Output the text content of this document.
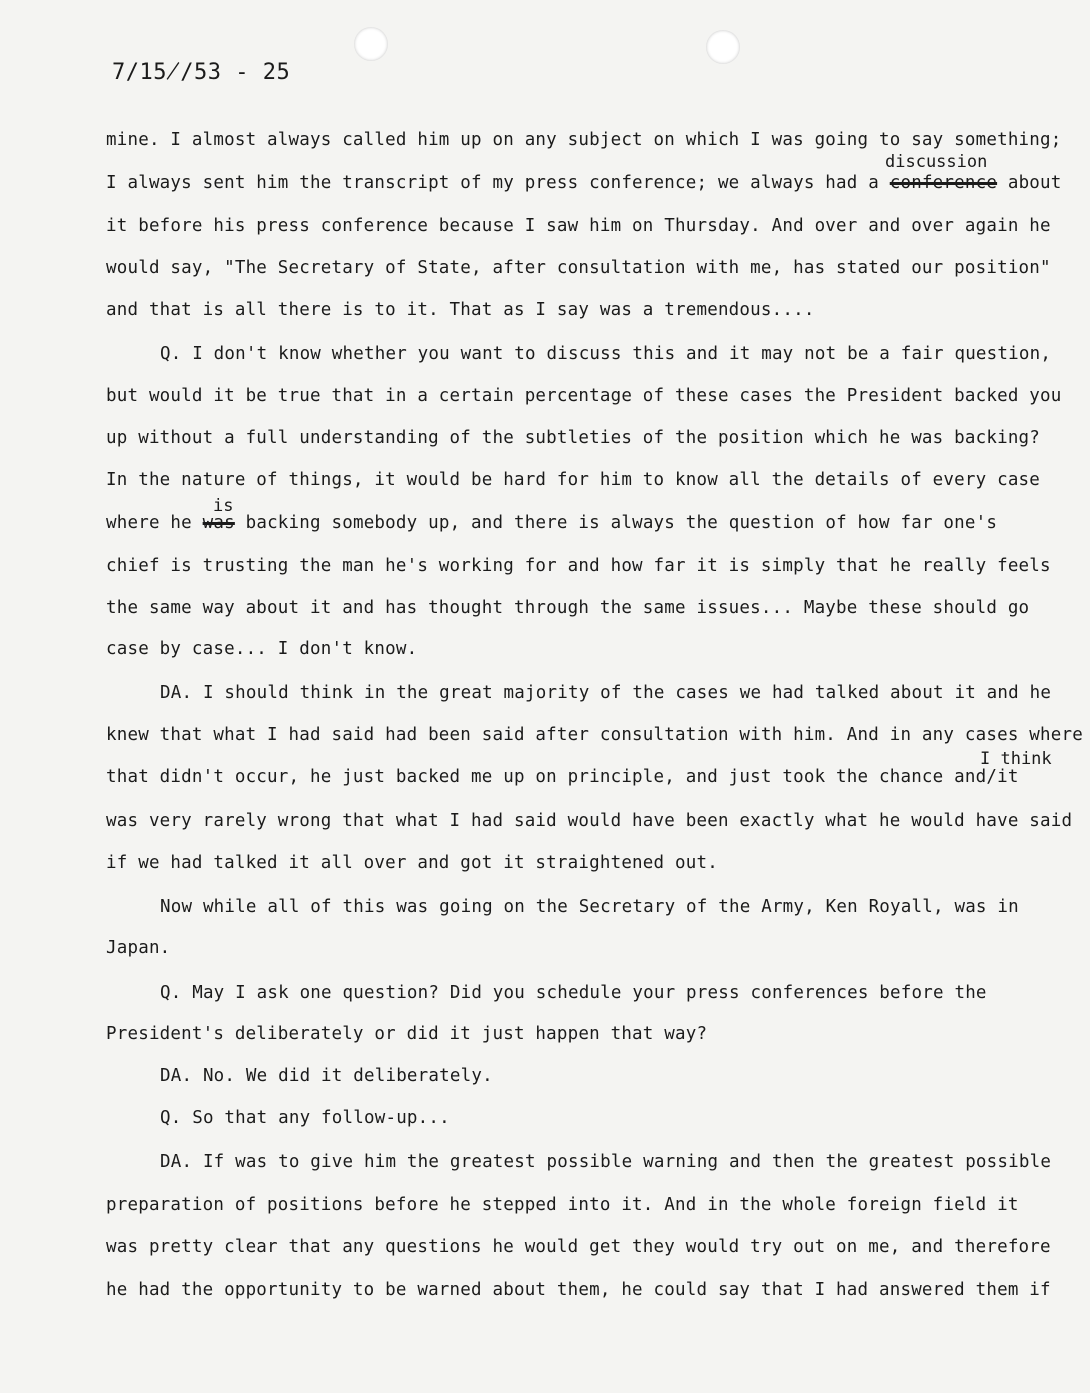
7/15̸/53 - 25
discussion
is
I think
mine. I almost always called him up on any subject on which I was going to say something;
I always sent him the transcript of my press conference; we always had a conference about
it before his press conference because I saw him on Thursday. And over and over again he
would say, "The Secretary of State, after consultation with me, has stated our position"
and that is all there is to it. That as I say was a tremendous....
Q. I don't know whether you want to discuss this and it may not be a fair question,
but would it be true that in a certain percentage of these cases the President backed you
up without a full understanding of the subtleties of the position which he was backing?
In the nature of things, it would be hard for him to know all the details of every case
where he was backing somebody up, and there is always the question of how far one's
chief is trusting the man he's working for and how far it is simply that he really feels
the same way about it and has thought through the same issues... Maybe these should go
case by case... I don't know.
DA. I should think in the great majority of the cases we had talked about it and he
knew that what I had said had been said after consultation with him. And in any cases where
that didn't occur, he just backed me up on principle, and just took the chance and/it
was very rarely wrong that what I had said would have been exactly what he would have said
if we had talked it all over and got it straightened out.
Now while all of this was going on the Secretary of the Army, Ken Royall, was in
Japan.
Q. May I ask one question? Did you schedule your press conferences before the
President's deliberately or did it just happen that way?
DA. No. We did it deliberately.
Q. So that any follow-up...
DA. If was to give him the greatest possible warning and then the greatest possible
preparation of positions before he stepped into it. And in the whole foreign field it
was pretty clear that any questions he would get they would try out on me, and therefore
he had the opportunity to be warned about them, he could say that I had answered them if
